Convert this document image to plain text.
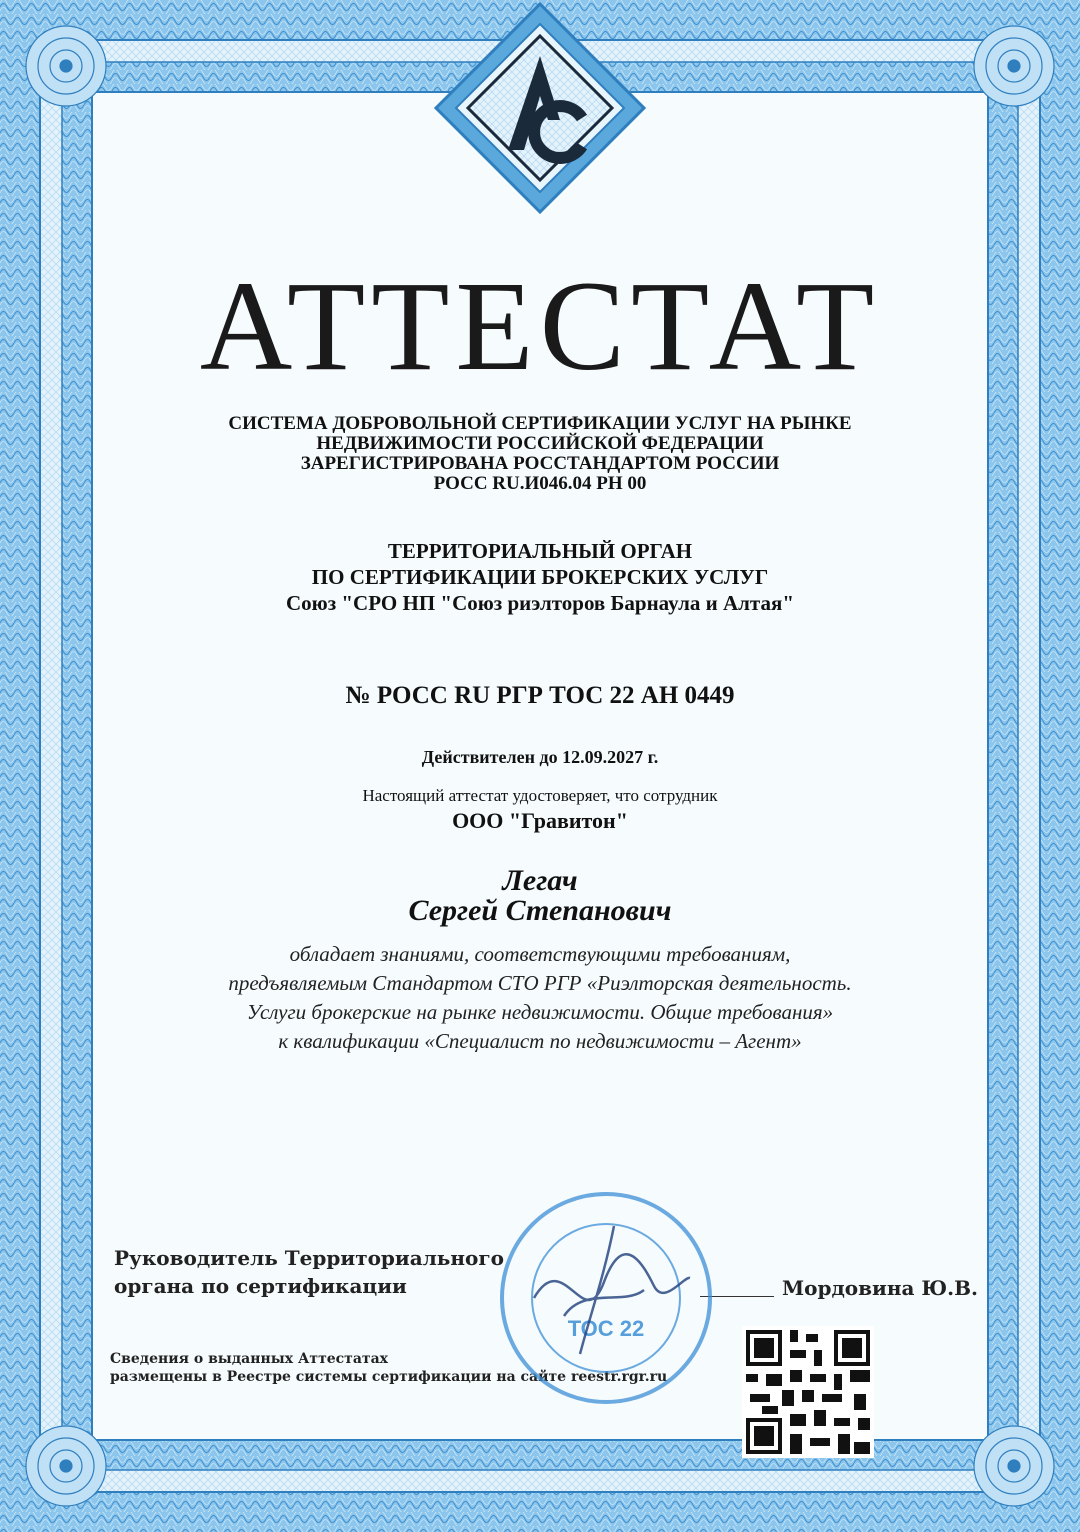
АТТЕСТАТ
СИСТЕМА ДОБРОВОЛЬНОЙ СЕРТИФИКАЦИИ УСЛУГ НА РЫНКЕ
НЕДВИЖИМОСТИ РОССИЙСКОЙ ФЕДЕРАЦИИ
ЗАРЕГИСТРИРОВАНА РОССТАНДАРТОМ РОССИИ
РОСС RU.И046.04 РН 00
ТЕРРИТОРИАЛЬНЫЙ ОРГАН
ПО СЕРТИФИКАЦИИ БРОКЕРСКИХ УСЛУГ
Союз "СРО НП "Союз риэлторов Барнаула и Алтая"
№ РОСС RU РГР ТОС 22 АН 0449
Действителен до 12.09.2027 г.
Настоящий аттестат удостоверяет, что сотрудник
ООО "Гравитон"
Легач
Сергей Степанович
обладает знаниями, соответствующими требованиям,
предъявляемым Стандартом СТО РГР «Риэлторская деятельность.
Услуги брокерские на рынке недвижимости. Общие требования»
к квалификации «Специалист по недвижимости – Агент»
Руководитель Территориального
органа по сертификации	Мордовина Ю.В.
Сведения о выданных Аттестатах
размещены в Реестре системы сертификации на сайте reestr.rgr.ru
ТОС 22
